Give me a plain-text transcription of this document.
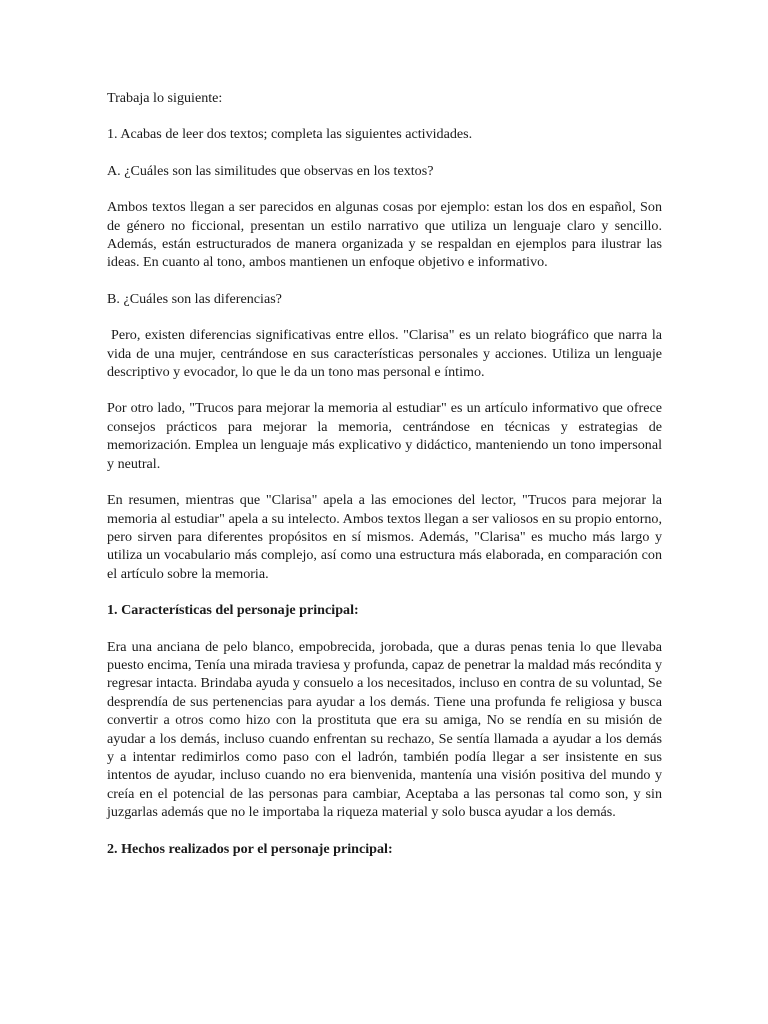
Trabaja lo siguiente:

1. Acabas de leer dos textos; completa las siguientes actividades.

A. ¿Cuáles son las similitudes que observas en los textos?

Ambos textos llegan a ser parecidos en algunas cosas por ejemplo: estan los dos en español, Son de género no ficcional, presentan un estilo narrativo que utiliza un lenguaje claro y sencillo. Además, están estructurados de manera organizada y se respaldan en ejemplos para ilustrar las ideas. En cuanto al tono, ambos mantienen un enfoque objetivo e informativo.

B. ¿Cuáles son las diferencias?

Pero, existen diferencias significativas entre ellos. "Clarisa" es un relato biográfico que narra la vida de una mujer, centrándose en sus características personales y acciones. Utiliza un lenguaje descriptivo y evocador, lo que le da un tono mas personal e íntimo.

Por otro lado, "Trucos para mejorar la memoria al estudiar" es un artículo informativo que ofrece consejos prácticos para mejorar la memoria, centrándose en técnicas y estrategias de memorización. Emplea un lenguaje más explicativo y didáctico, manteniendo un tono impersonal y neutral.

En resumen, mientras que "Clarisa" apela a las emociones del lector, "Trucos para mejorar la memoria al estudiar" apela a su intelecto. Ambos textos llegan a ser valiosos en su propio entorno, pero sirven para diferentes propósitos en sí mismos. Además, "Clarisa" es mucho más largo y utiliza un vocabulario más complejo, así como una estructura más elaborada, en comparación con el artículo sobre la memoria.

1. Características del personaje principal:

Era una anciana de pelo blanco, empobrecida, jorobada, que a duras penas tenia lo que llevaba puesto encima, Tenía una mirada traviesa y profunda, capaz de penetrar la maldad más recóndita y regresar intacta. Brindaba ayuda y consuelo a los necesitados, incluso en contra de su voluntad, Se desprendía de sus pertenencias para ayudar a los demás. Tiene una profunda fe religiosa y busca convertir a otros como hizo con la prostituta que era su amiga, No se rendía en su misión de ayudar a los demás, incluso cuando enfrentan su rechazo, Se sentía llamada a ayudar a los demás y a intentar redimirlos como paso con el ladrón, también podía llegar a ser insistente en sus intentos de ayudar, incluso cuando no era bienvenida, mantenía una visión positiva del mundo y creía en el potencial de las personas para cambiar, Aceptaba a las personas tal como son, y sin juzgarlas además que no le importaba la riqueza material y solo busca ayudar a los demás.

2. Hechos realizados por el personaje principal:
